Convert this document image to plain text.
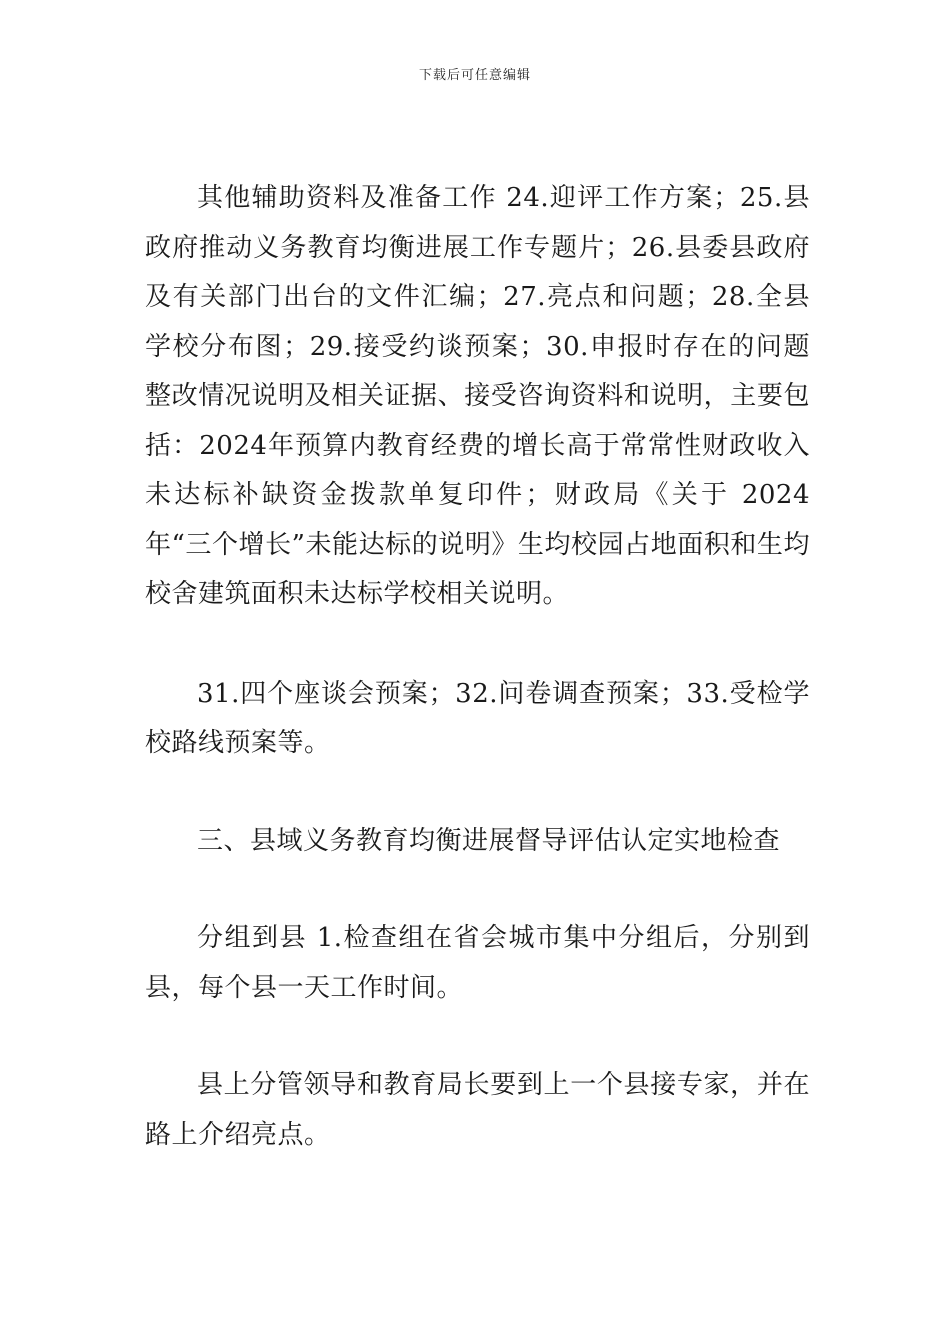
下载后可任意编辑

其他辅助资料及准备工作 24.迎评工作方案；25.县政府推动义务教育均衡进展工作专题片；26.县委县政府及有关部门出台的文件汇编；27.亮点和问题；28.全县学校分布图；29.接受约谈预案；30.申报时存在的问题整改情况说明及相关证据、接受咨询资料和说明，主要包括：2024年预算内教育经费的增长高于常常性财政收入未达标补缺资金拨款单复印件；财政局《关于 2024 年“三个增长”未能达标的说明》生均校园占地面积和生均校舍建筑面积未达标学校相关说明。

31.四个座谈会预案；32.问卷调查预案；33.受检学校路线预案等。

三、县域义务教育均衡进展督导评估认定实地检查

分组到县 1.检查组在省会城市集中分组后，分别到县，每个县一天工作时间。

县上分管领导和教育局长要到上一个县接专家，并在路上介绍亮点。
